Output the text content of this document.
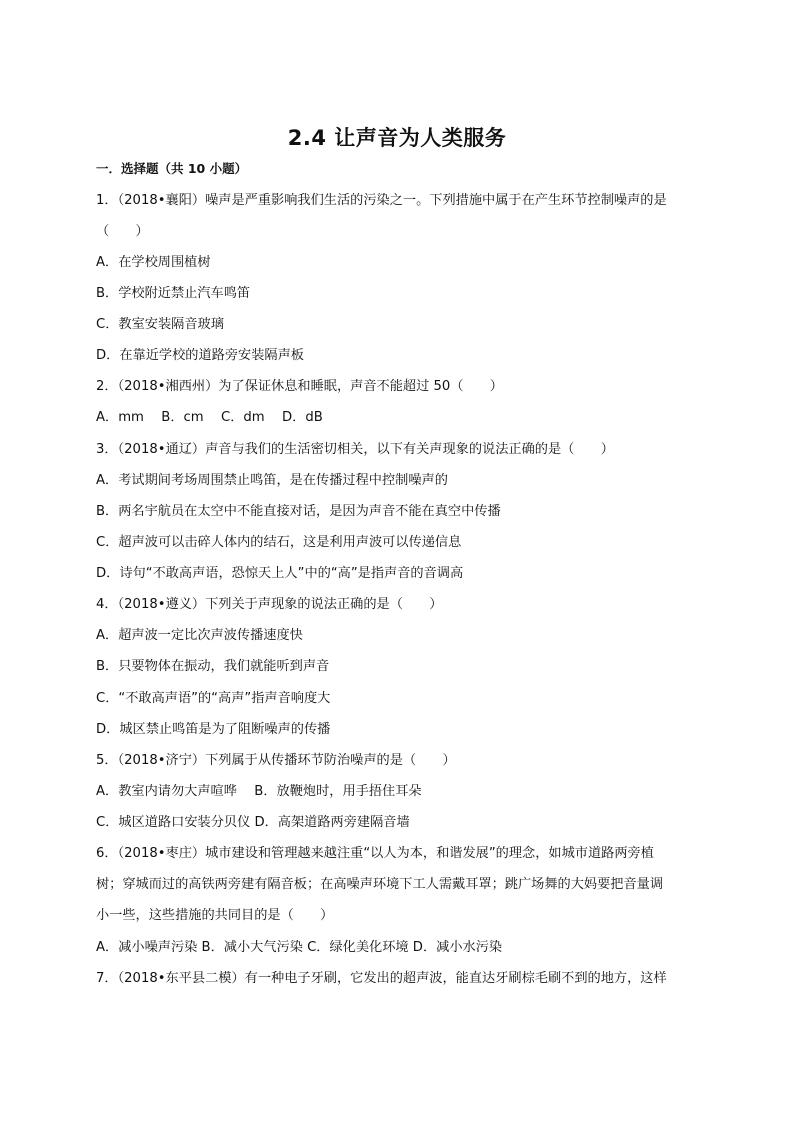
2.4 让声音为人类服务
一．选择题（共 10 小题）
1．（2018•襄阳）噪声是严重影响我们生活的污染之一。下列措施中属于在产生环节控制噪声的是
（　　）
A．在学校周围植树
B．学校附近禁止汽车鸣笛
C．教室安装隔音玻璃
D．在靠近学校的道路旁安装隔声板
2．（2018•湘西州）为了保证休息和睡眠，声音不能超过 50（　　）
A．mm　 B．cm　 C．dm　 D．dB
3．（2018•通辽）声音与我们的生活密切相关，以下有关声现象的说法正确的是（　　）
A．考试期间考场周围禁止鸣笛，是在传播过程中控制噪声的
B．两名宇航员在太空中不能直接对话，是因为声音不能在真空中传播
C．超声波可以击碎人体内的结石，这是利用声波可以传递信息
D．诗句“不敢高声语，恐惊天上人”中的“高”是指声音的音调高
4．（2018•遵义）下列关于声现象的说法正确的是（　　）
A．超声波一定比次声波传播速度快
B．只要物体在振动，我们就能听到声音
C．“不敢高声语”的“高声”指声音响度大
D．城区禁止鸣笛是为了阻断噪声的传播
5．（2018•济宁）下列属于从传播环节防治噪声的是（　　）
A．教室内请勿大声喧哗　 B．放鞭炮时，用手捂住耳朵
C．城区道路口安装分贝仪 D．高架道路两旁建隔音墙
6．（2018•枣庄）城市建设和管理越来越注重“以人为本，和谐发展”的理念，如城市道路两旁植
树；穿城而过的高铁两旁建有隔音板；在高噪声环境下工人需戴耳罩；跳广场舞的大妈要把音量调
小一些，这些措施的共同目的是（　　）
A．减小噪声污染 B．减小大气污染 C．绿化美化环境 D．减小水污染
7．（2018•东平县二模）有一种电子牙刷，它发出的超声波，能直达牙刷棕毛刷不到的地方，这样
